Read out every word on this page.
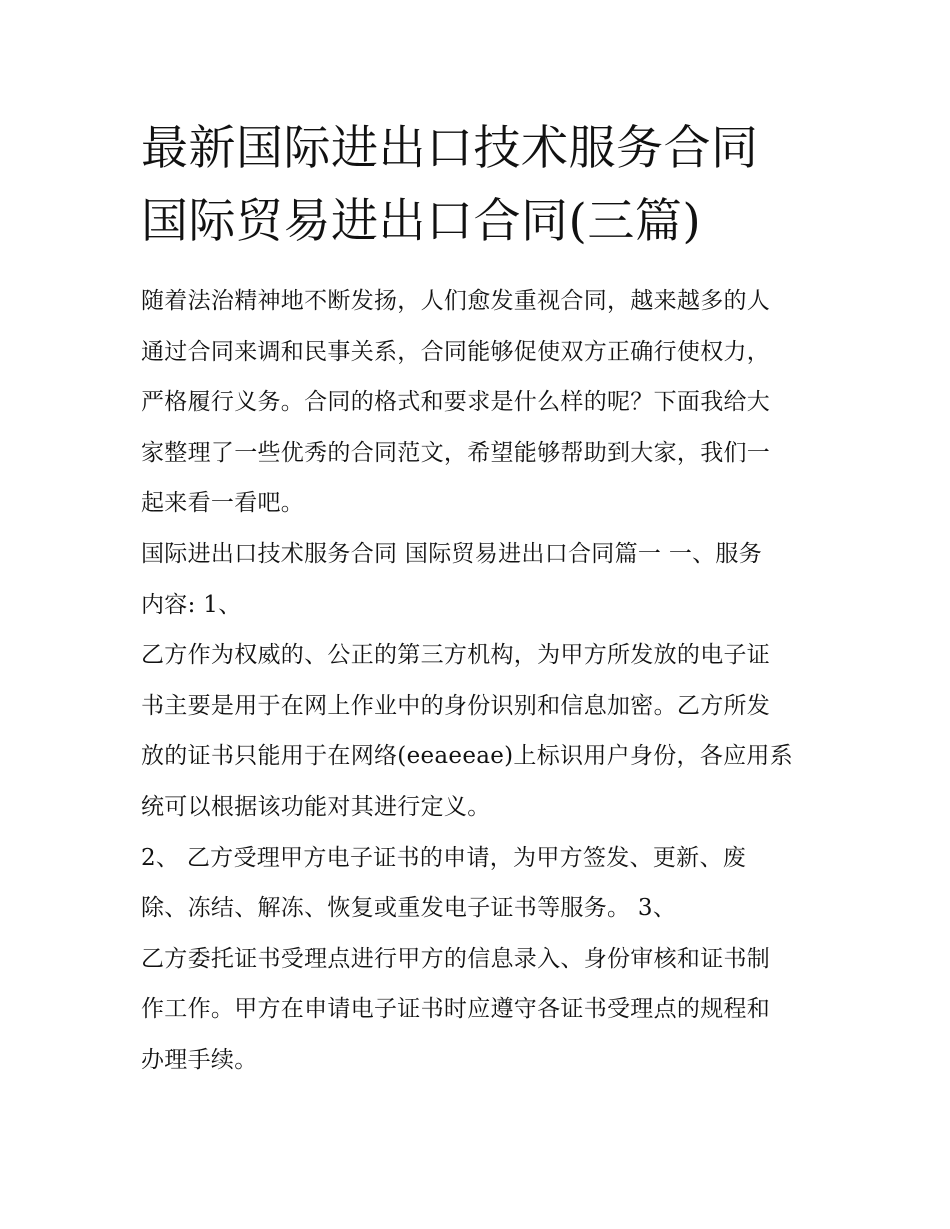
最新国际进出口技术服务合同

国际贸易进出口合同(三篇)

随着法治精神地不断发扬，人们愈发重视合同，越来越多的人

通过合同来调和民事关系，合同能够促使双方正确行使权力，

严格履行义务。合同的格式和要求是什么样的呢？下面我给大

家整理了一些优秀的合同范文，希望能够帮助到大家，我们一

起来看一看吧。

国际进出口技术服务合同 国际贸易进出口合同篇一 一、服务

内容: 1、

乙方作为权威的、公正的第三方机构，为甲方所发放的电子证

书主要是用于在网上作业中的身份识别和信息加密。乙方所发

放的证书只能用于在网络(eeaeeae)上标识用户身份，各应用系

统可以根据该功能对其进行定义。

2、 乙方受理甲方电子证书的申请，为甲方签发、更新、废

除、冻结、解冻、恢复或重发电子证书等服务。 3、

乙方委托证书受理点进行甲方的信息录入、身份审核和证书制

作工作。甲方在申请电子证书时应遵守各证书受理点的规程和

办理手续。
